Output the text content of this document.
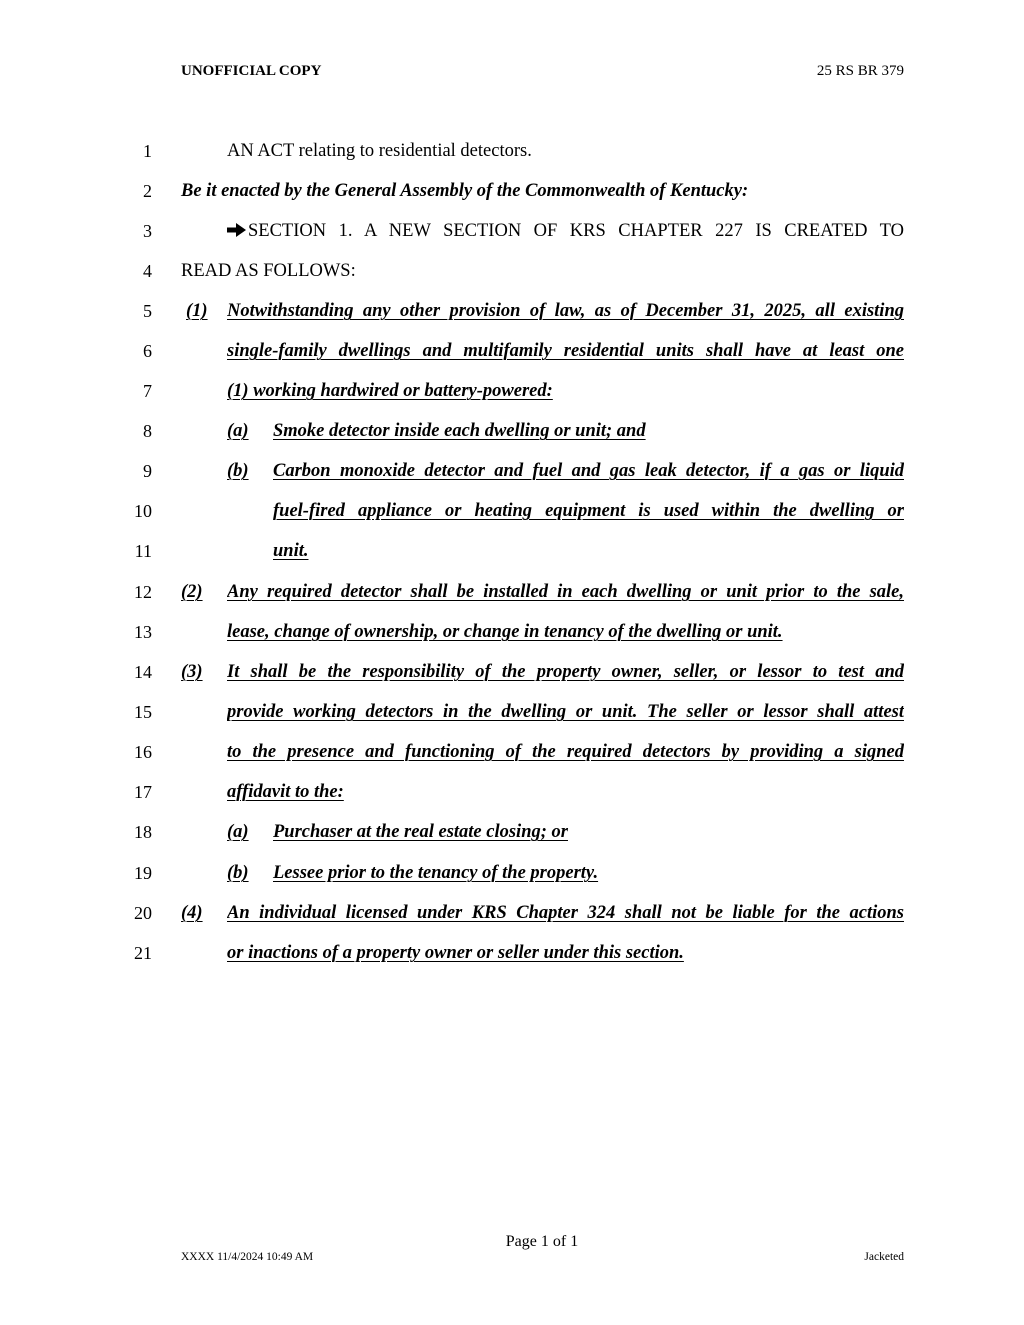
UNOFFICIAL COPY	25 RS BR 379
1	AN ACT relating to residential detectors.
2 Be it enacted by the General Assembly of the Commonwealth of Kentucky:
3	SECTION 1. A NEW SECTION OF KRS CHAPTER 227 IS CREATED TO
4 READ AS FOLLOWS:
5 (1) Notwithstanding any other provision of law, as of December 31, 2025, all existing
6	single-family dwellings and multifamily residential units shall have at least one
7	(1) working hardwired or battery-powered:
8	(a) Smoke detector inside each dwelling or unit; and
9	(b) Carbon monoxide detector and fuel and gas leak detector, if a gas or liquid
10	fuel-fired appliance or heating equipment is used within the dwelling or
11	unit.
12 (2) Any required detector shall be installed in each dwelling or unit prior to the sale,
13	lease, change of ownership, or change in tenancy of the dwelling or unit.
14 (3) It shall be the responsibility of the property owner, seller, or lessor to test and
15	provide working detectors in the dwelling or unit. The seller or lessor shall attest
16	to the presence and functioning of the required detectors by providing a signed
17	affidavit to the:
18	(a) Purchaser at the real estate closing; or
19	(b) Lessee prior to the tenancy of the property.
20 (4) An individual licensed under KRS Chapter 324 shall not be liable for the actions
21	or inactions of a property owner or seller under this section.
Page 1 of 1
XXXX 11/4/2024 10:49 AM	Jacketed
